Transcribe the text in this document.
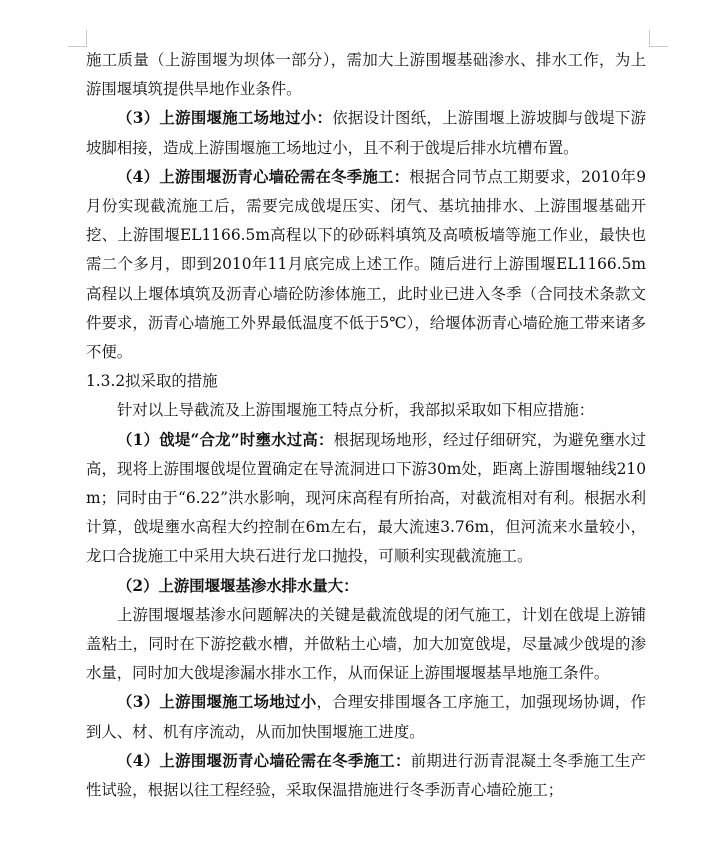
施工质量（上游围堰为坝体一部分），需加大上游围堰基础渗水、排水工作，为上游围堰填筑提供旱地作业条件。

（3）上游围堰施工场地过小：依据设计图纸，上游围堰上游坡脚与戗堤下游坡脚相接，造成上游围堰施工场地过小，且不利于戗堤后排水坑槽布置。

（4）上游围堰沥青心墙砼需在冬季施工：根据合同节点工期要求，2010年9月份实现截流施工后，需要完成戗堤压实、闭气、基坑抽排水、上游围堰基础开挖、上游围堰EL1166.5m高程以下的砂砾料填筑及高喷板墙等施工作业，最快也需二个多月，即到2010年11月底完成上述工作。随后进行上游围堰EL1166.5m高程以上堰体填筑及沥青心墙砼防渗体施工，此时业已进入冬季（合同技术条款文件要求，沥青心墙施工外界最低温度不低于5℃），给堰体沥青心墙砼施工带来诸多不便。

1.3.2拟采取的措施

针对以上导截流及上游围堰施工特点分析，我部拟采取如下相应措施：

（1）戗堤“合龙”时壅水过高：根据现场地形，经过仔细研究，为避免壅水过高，现将上游围堰戗堤位置确定在导流洞进口下游30m处，距离上游围堰轴线210m；同时由于“6.22”洪水影响，现河床高程有所抬高，对截流相对有利。根据水利计算，戗堤壅水高程大约控制在6m左右，最大流速3.76m，但河流来水量较小，龙口合拢施工中采用大块石进行龙口抛投，可顺利实现截流施工。

（2）上游围堰堰基渗水排水量大：

上游围堰堰基渗水问题解决的关键是截流戗堤的闭气施工，计划在戗堤上游铺盖粘土，同时在下游挖截水槽，并做粘土心墙，加大加宽戗堤，尽量减少戗堤的渗水量，同时加大戗堤渗漏水排水工作，从而保证上游围堰堰基旱地施工条件。

（3）上游围堰施工场地过小，合理安排围堰各工序施工，加强现场协调，作到人、材、机有序流动，从而加快围堰施工进度。

（4）上游围堰沥青心墙砼需在冬季施工：前期进行沥青混凝土冬季施工生产性试验，根据以往工程经验，采取保温措施进行冬季沥青心墙砼施工；
